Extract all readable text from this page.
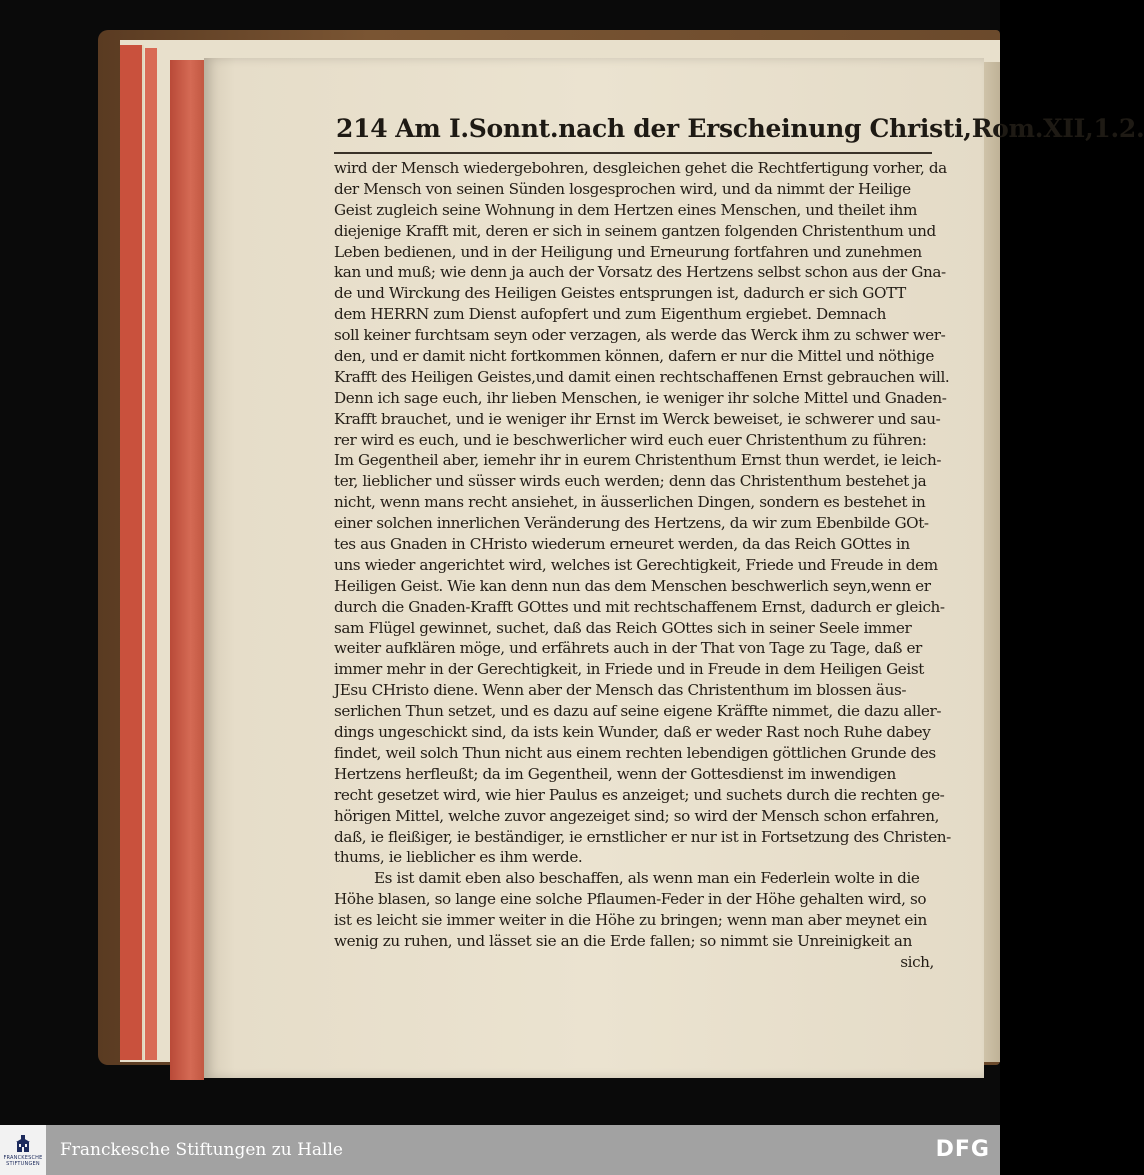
214 Am I.Sonnt.nach der Erscheinung Christi,Rom.XII,1.2.
wird der Mensch wiedergebohren, desgleichen gehet die Rechtfertigung vorher, da
der Mensch von seinen Sünden losgesprochen wird, und da nimmt der Heilige
Geist zugleich seine Wohnung in dem Hertzen eines Menschen, und theilet ihm
diejenige Krafft mit, deren er sich in seinem gantzen folgenden Christenthum und
Leben bedienen, und in der Heiligung und Erneurung fortfahren und zunehmen
kan und muß; wie denn ja auch der Vorsatz des Hertzens selbst schon aus der Gna-
de und Wirckung des Heiligen Geistes entsprungen ist, dadurch er sich GOTT
dem HERRN zum Dienst aufopfert und zum Eigenthum ergiebet. Demnach
soll keiner furchtsam seyn oder verzagen, als werde das Werck ihm zu schwer wer-
den, und er damit nicht fortkommen können, dafern er nur die Mittel und nöthige
Krafft des Heiligen Geistes,und damit einen rechtschaffenen Ernst gebrauchen will.
Denn ich sage euch, ihr lieben Menschen, ie weniger ihr solche Mittel und Gnaden-
Krafft brauchet, und ie weniger ihr Ernst im Werck beweiset, ie schwerer und sau-
rer wird es euch, und ie beschwerlicher wird euch euer Christenthum zu führen:
Im Gegentheil aber, iemehr ihr in eurem Christenthum Ernst thun werdet, ie leich-
ter, lieblicher und süsser wirds euch werden; denn das Christenthum bestehet ja
nicht, wenn mans recht ansiehet, in äusserlichen Dingen, sondern es bestehet in
einer solchen innerlichen Veränderung des Hertzens, da wir zum Ebenbilde GOt-
tes aus Gnaden in CHristo wiederum erneuret werden, da das Reich GOttes in
uns wieder angerichtet wird, welches ist Gerechtigkeit, Friede und Freude in dem
Heiligen Geist. Wie kan denn nun das dem Menschen beschwerlich seyn,wenn er
durch die Gnaden-Krafft GOttes und mit rechtschaffenem Ernst, dadurch er gleich-
sam Flügel gewinnet, suchet, daß das Reich GOttes sich in seiner Seele immer
weiter aufklären möge, und erfährets auch in der That von Tage zu Tage, daß er
immer mehr in der Gerechtigkeit, in Friede und in Freude in dem Heiligen Geist
JEsu CHristo diene. Wenn aber der Mensch das Christenthum im blossen äus-
serlichen Thun setzet, und es dazu auf seine eigene Kräffte nimmet, die dazu aller-
dings ungeschickt sind, da ists kein Wunder, daß er weder Rast noch Ruhe dabey
findet, weil solch Thun nicht aus einem rechten lebendigen göttlichen Grunde des
Hertzens herfleußt; da im Gegentheil, wenn der Gottesdienst im inwendigen
recht gesetzet wird, wie hier Paulus es anzeiget; und suchets durch die rechten ge-
hörigen Mittel, welche zuvor angezeiget sind; so wird der Mensch schon erfahren,
daß, ie fleißiger, ie beständiger, ie ernstlicher er nur ist in Fortsetzung des Christen-
thums, ie lieblicher es ihm werde.
Es ist damit eben also beschaffen, als wenn man ein Federlein wolte in die
Höhe blasen, so lange eine solche Pflaumen-Feder in der Höhe gehalten wird, so
ist es leicht sie immer weiter in die Höhe zu bringen; wenn man aber meynet ein
wenig zu ruhen, und lässet sie an die Erde fallen; so nimmt sie Unreinigkeit an
sich,
FRANCKESCHE
STIFTUNGEN
Franckesche Stiftungen zu Halle	DFG
